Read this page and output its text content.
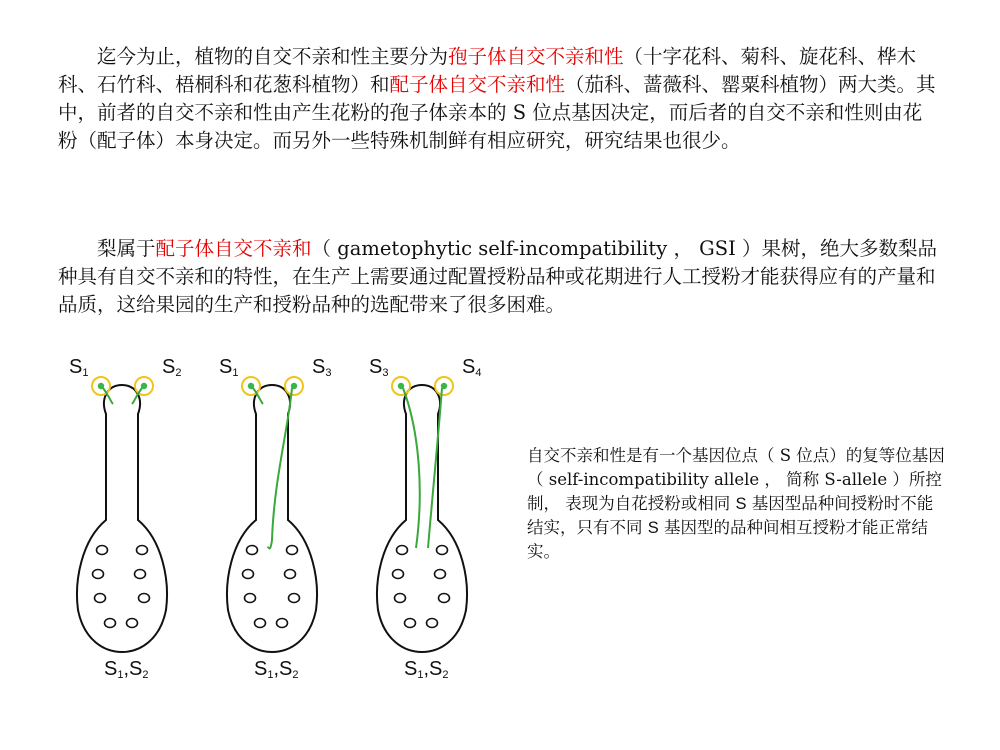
迄今为止，植物的自交不亲和性主要分为孢子体自交不亲和性（十字花科、菊科、旋花科、桦木科、石竹科、梧桐科和花葱科植物）和配子体自交不亲和性（茄科、蔷薇科、罂粟科植物）两大类。其中，前者的自交不亲和性由产生花粉的孢子体亲本的 S 位点基因决定，而后者的自交不亲和性则由花粉（配子体）本身决定。而另外一些特殊机制鲜有相应研究，研究结果也很少。

梨属于配子体自交不亲和（ gametophytic self-incompatibility ， GSI ）果树，绝大多数梨品种具有自交不亲和的特性，在生产上需要通过配置授粉品种或花期进行人工授粉才能获得应有的产量和品质，这给果园的生产和授粉品种的选配带来了很多困难。

S1	S2
S1,S2
S1	S3
S1,S2
S3	S4
S1,S2

自交不亲和性是有一个基因位点（ S 位点）的复等位基因（ self-incompatibility allele ， 简称 S-allele ）所控制， 表现为自花授粉或相同 S 基因型品种间授粉时不能结实，只有不同 S 基因型的品种间相互授粉才能正常结实。
